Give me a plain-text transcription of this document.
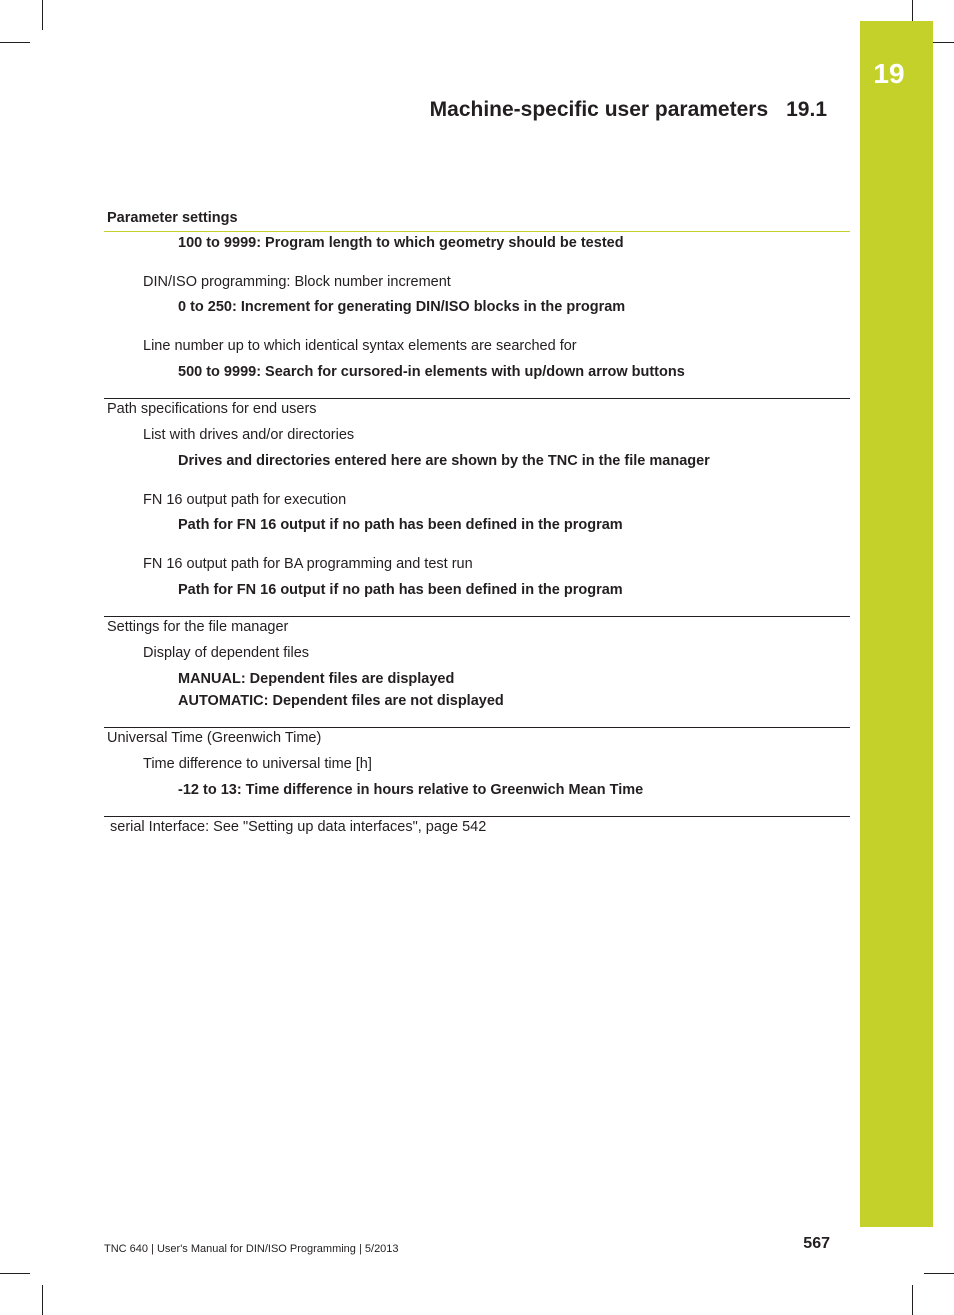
19
Machine-specific user parameters 19.1
Parameter settings
100 to 9999: Program length to which geometry should be tested
DIN/ISO programming: Block number increment
0 to 250: Increment for generating DIN/ISO blocks in the program
Line number up to which identical syntax elements are searched for
500 to 9999: Search for cursored-in elements with up/down arrow buttons
Path specifications for end users
List with drives and/or directories
Drives and directories entered here are shown by the TNC in the file manager
FN 16 output path for execution
Path for FN 16 output if no path has been defined in the program
FN 16 output path for BA programming and test run
Path for FN 16 output if no path has been defined in the program
Settings for the file manager
Display of dependent files
MANUAL: Dependent files are displayed
AUTOMATIC: Dependent files are not displayed
Universal Time (Greenwich Time)
Time difference to universal time [h]
-12 to 13: Time difference in hours relative to Greenwich Mean Time
serial Interface: See "Setting up data interfaces", page 542
TNC 640 | User's Manual for DIN/ISO Programming | 5/2013	567
